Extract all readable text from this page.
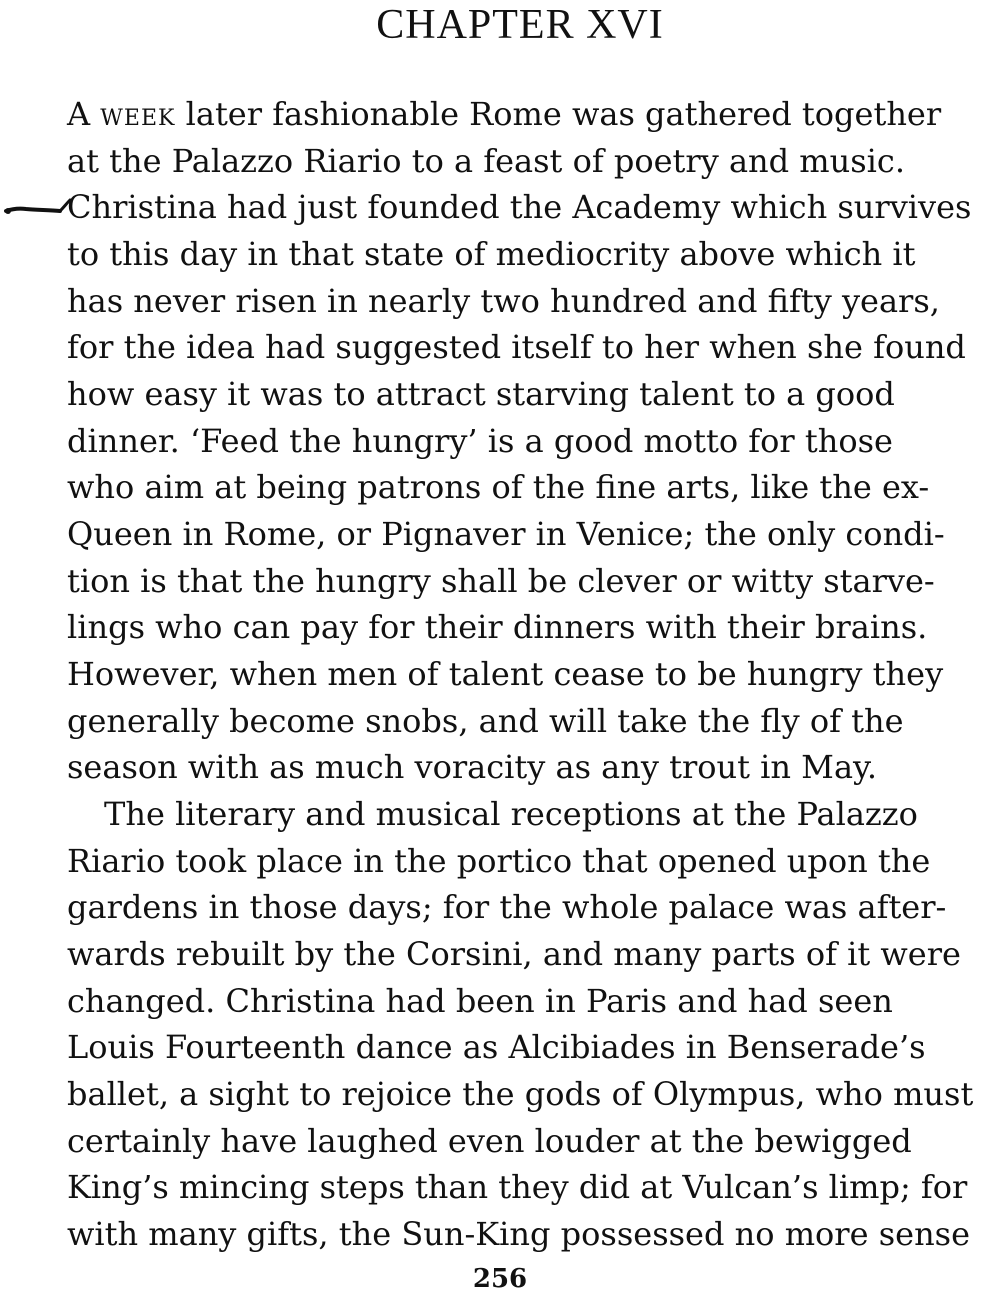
CHAPTER XVI
A week later fashionable Rome was gathered together
at the Palazzo Riario to a feast of poetry and music.
Christina had just founded the Academy which survives
to this day in that state of mediocrity above which it
has never risen in nearly two hundred and fifty years,
for the idea had suggested itself to her when she found
how easy it was to attract starving talent to a good
dinner. ‘Feed the hungry’ is a good motto for those
who aim at being patrons of the fine arts, like the ex-
Queen in Rome, or Pignaver in Venice; the only condi-
tion is that the hungry shall be clever or witty starve-
lings who can pay for their dinners with their brains.
However, when men of talent cease to be hungry they
generally become snobs, and will take the fly of the
season with as much voracity as any trout in May.
The literary and musical receptions at the Palazzo
Riario took place in the portico that opened upon the
gardens in those days; for the whole palace was after-
wards rebuilt by the Corsini, and many parts of it were
changed. Christina had been in Paris and had seen
Louis Fourteenth dance as Alcibiades in Benserade’s
ballet, a sight to rejoice the gods of Olympus, who must
certainly have laughed even louder at the bewigged
King’s mincing steps than they did at Vulcan’s limp; for
with many gifts, the Sun-King possessed no more sense
256
